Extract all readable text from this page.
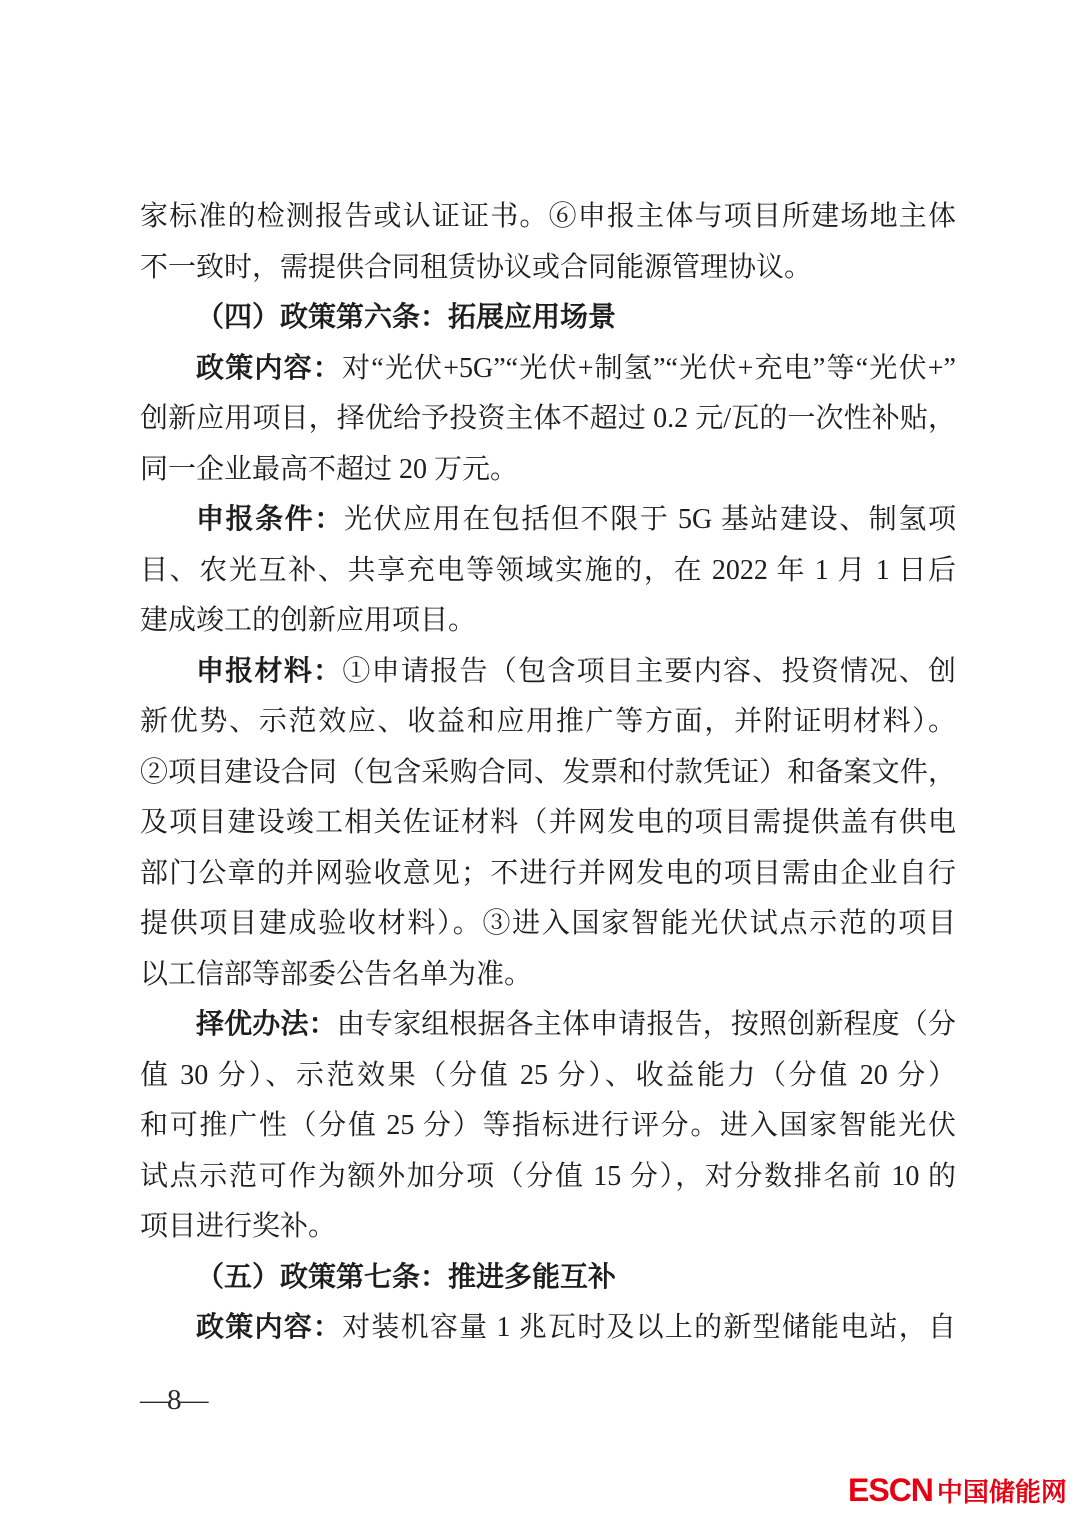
家标准的检测报告或认证证书。⑥申报主体与项目所建场地主体
不一致时，需提供合同租赁协议或合同能源管理协议。
（四）政策第六条：拓展应用场景
政策内容：对“光伏+5G”“光伏+制氢”“光伏+充电”等“光伏+”
创新应用项目，择优给予投资主体不超过 0.2 元/瓦的一次性补贴，
同一企业最高不超过 20 万元。
申报条件：光伏应用在包括但不限于 5G 基站建设、制氢项
目、农光互补、共享充电等领域实施的，在 2022 年 1 月 1 日后
建成竣工的创新应用项目。
申报材料：①申请报告（包含项目主要内容、投资情况、创
新优势、示范效应、收益和应用推广等方面，并附证明材料）。
②项目建设合同（包含采购合同、发票和付款凭证）和备案文件，
及项目建设竣工相关佐证材料（并网发电的项目需提供盖有供电
部门公章的并网验收意见；不进行并网发电的项目需由企业自行
提供项目建成验收材料）。③进入国家智能光伏试点示范的项目
以工信部等部委公告名单为准。
择优办法：由专家组根据各主体申请报告，按照创新程度（分
值 30 分）、示范效果（分值 25 分）、收益能力（分值 20 分）
和可推广性（分值 25 分）等指标进行评分。进入国家智能光伏
试点示范可作为额外加分项（分值 15 分），对分数排名前 10 的
项目进行奖补。
（五）政策第七条：推进多能互补
政策内容：对装机容量 1 兆瓦时及以上的新型储能电站，自
—8—
ESCN 中国储能网
